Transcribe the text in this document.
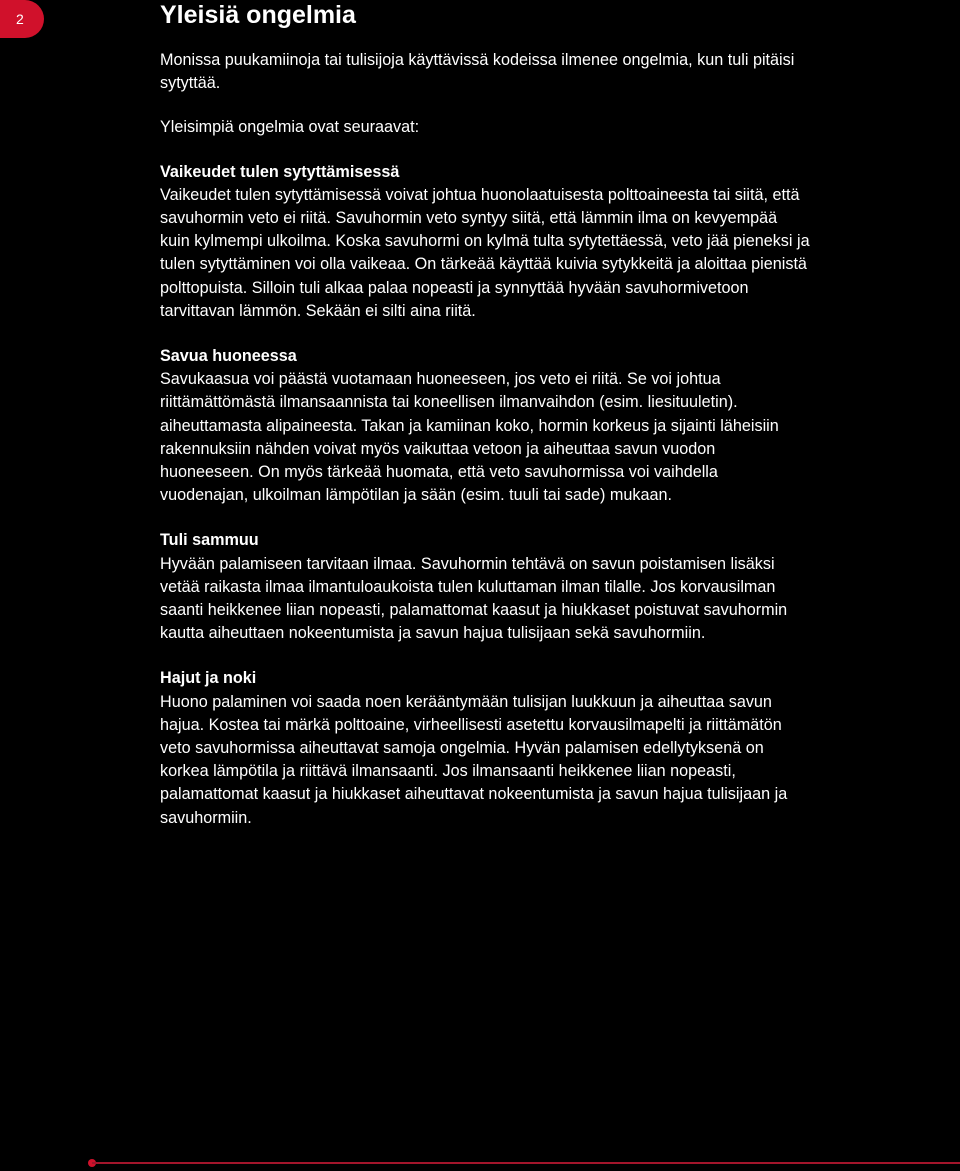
2	Yleisiä ongelmia

Monissa puukamiinoja tai tulisijoja käyttävissä kodeissa ilmenee ongelmia, kun tuli pitäisi sytyttää.

Yleisimpiä ongelmia ovat seuraavat:

Vaikeudet tulen sytyttämisessä

Vaikeudet tulen sytyttämisessä voivat johtua huonolaatuisesta polttoaineesta tai siitä, että savuhormin veto ei riitä. Savuhormin veto syntyy siitä, että lämmin ilma on kevyempää kuin kylmempi ulkoilma. Koska savuhormi on kylmä tulta sytytettäessä, veto jää pieneksi ja tulen sytyttäminen voi olla vaikeaa. On tärkeää käyttää kuivia sytykkeitä ja aloittaa pienistä polttopuista. Silloin tuli alkaa palaa nopeasti ja synnyttää hyvään savuhormivetoon tarvittavan lämmön. Sekään ei silti aina riitä.

Savua huoneessa

Savukaasua voi päästä vuotamaan huoneeseen, jos veto ei riitä. Se voi johtua riittämättömästä ilmansaannista tai koneellisen ilmanvaihdon (esim. liesituuletin). aiheuttamasta alipaineesta. Takan ja kamiinan koko, hormin korkeus ja sijainti läheisiin rakennuksiin nähden voivat myös vaikuttaa vetoon ja aiheuttaa savun vuodon huoneeseen. On myös tärkeää huomata, että veto savuhormissa voi vaihdella vuodenajan, ulkoilman lämpötilan ja sään (esim. tuuli tai sade) mukaan.

Tuli sammuu

Hyvään palamiseen tarvitaan ilmaa. Savuhormin tehtävä on savun poistamisen lisäksi vetää raikasta ilmaa ilmantuloaukoista tulen kuluttaman ilman tilalle. Jos korvausilman saanti heikkenee liian nopeasti, palamattomat kaasut ja hiukkaset poistuvat savuhormin kautta aiheuttaen nokeentumista ja savun hajua tulisijaan sekä savuhormiin.

Hajut ja noki

Huono palaminen voi saada noen kerääntymään tulisijan luukkuun ja aiheuttaa savun hajua. Kostea tai märkä polttoaine, virheellisesti asetettu korvausilmapelti ja riittämätön veto savuhormissa aiheuttavat samoja ongelmia. Hyvän palamisen edellytyksenä on korkea lämpötila ja riittävä ilmansaanti. Jos ilmansaanti heikkenee liian nopeasti, palamattomat kaasut ja hiukkaset aiheuttavat nokeentumista ja savun hajua tulisijaan ja savuhormiin.
